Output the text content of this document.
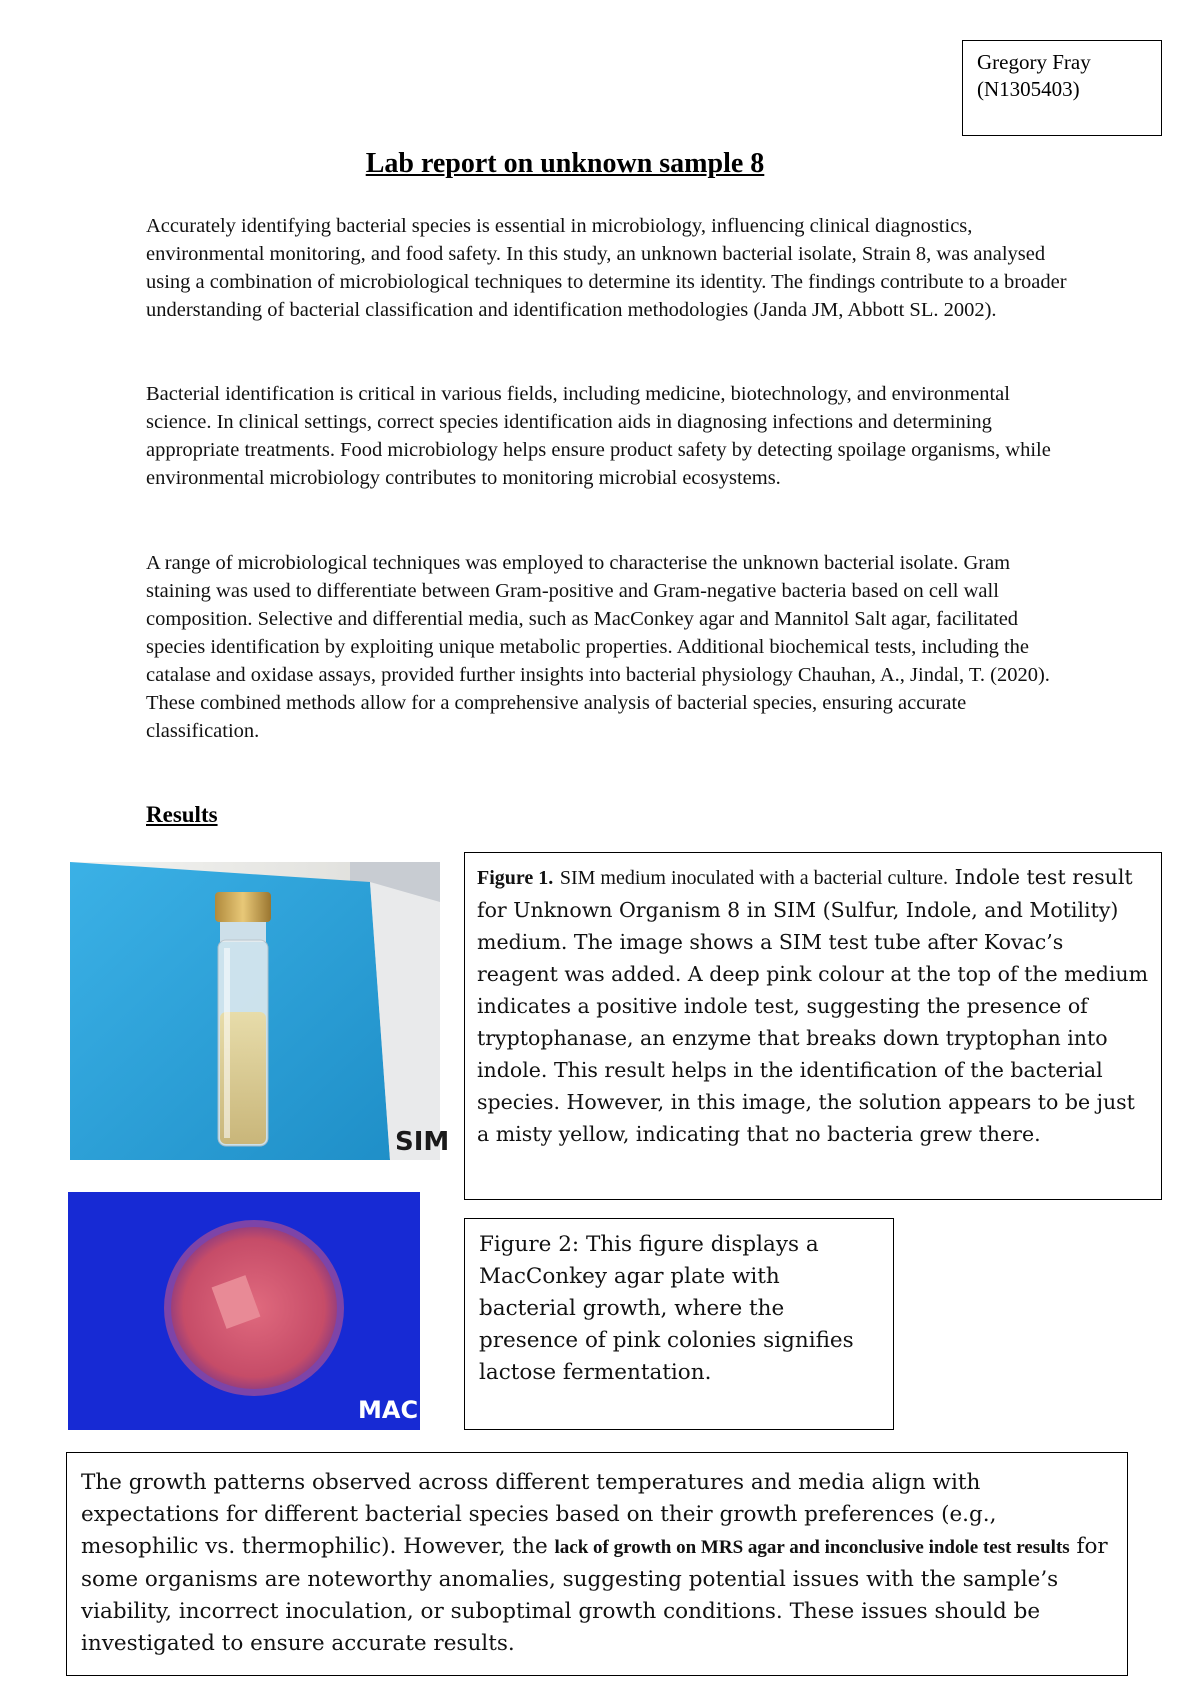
Gregory Fray
(N1305403)
Lab report on unknown sample 8
Accurately identifying bacterial species is essential in microbiology, influencing clinical diagnostics, environmental monitoring, and food safety. In this study, an unknown bacterial isolate, Strain 8, was analysed using a combination of microbiological techniques to determine its identity. The findings contribute to a broader understanding of bacterial classification and identification methodologies (Janda JM, Abbott SL. 2002).
Bacterial identification is critical in various fields, including medicine, biotechnology, and environmental science. In clinical settings, correct species identification aids in diagnosing infections and determining appropriate treatments. Food microbiology helps ensure product safety by detecting spoilage organisms, while environmental microbiology contributes to monitoring microbial ecosystems.
A range of microbiological techniques was employed to characterise the unknown bacterial isolate. Gram staining was used to differentiate between Gram-positive and Gram-negative bacteria based on cell wall composition. Selective and differential media, such as MacConkey agar and Mannitol Salt agar, facilitated species identification by exploiting unique metabolic properties. Additional biochemical tests, including the catalase and oxidase assays, provided further insights into bacterial physiology Chauhan, A., Jindal, T. (2020). These combined methods allow for a comprehensive analysis of bacterial species, ensuring accurate classification.
Results
SIM
Figure 1. SIM medium inoculated with a bacterial culture. Indole test result for Unknown Organism 8 in SIM (Sulfur, Indole, and Motility) medium. The image shows a SIM test tube after Kovac’s reagent was added. A deep pink colour at the top of the medium indicates a positive indole test, suggesting the presence of tryptophanase, an enzyme that breaks down tryptophan into indole. This result helps in the identification of the bacterial species. However, in this image, the solution appears to be just a misty yellow, indicating that no bacteria grew there.
MAC
Figure 2: This figure displays a MacConkey agar plate with bacterial growth, where the presence of pink colonies signifies lactose fermentation.
The growth patterns observed across different temperatures and media align with expectations for different bacterial species based on their growth preferences (e.g., mesophilic vs. thermophilic). However, the lack of growth on MRS agar and inconclusive indole test results for some organisms are noteworthy anomalies, suggesting potential issues with the sample’s viability, incorrect inoculation, or suboptimal growth conditions. These issues should be investigated to ensure accurate results.
